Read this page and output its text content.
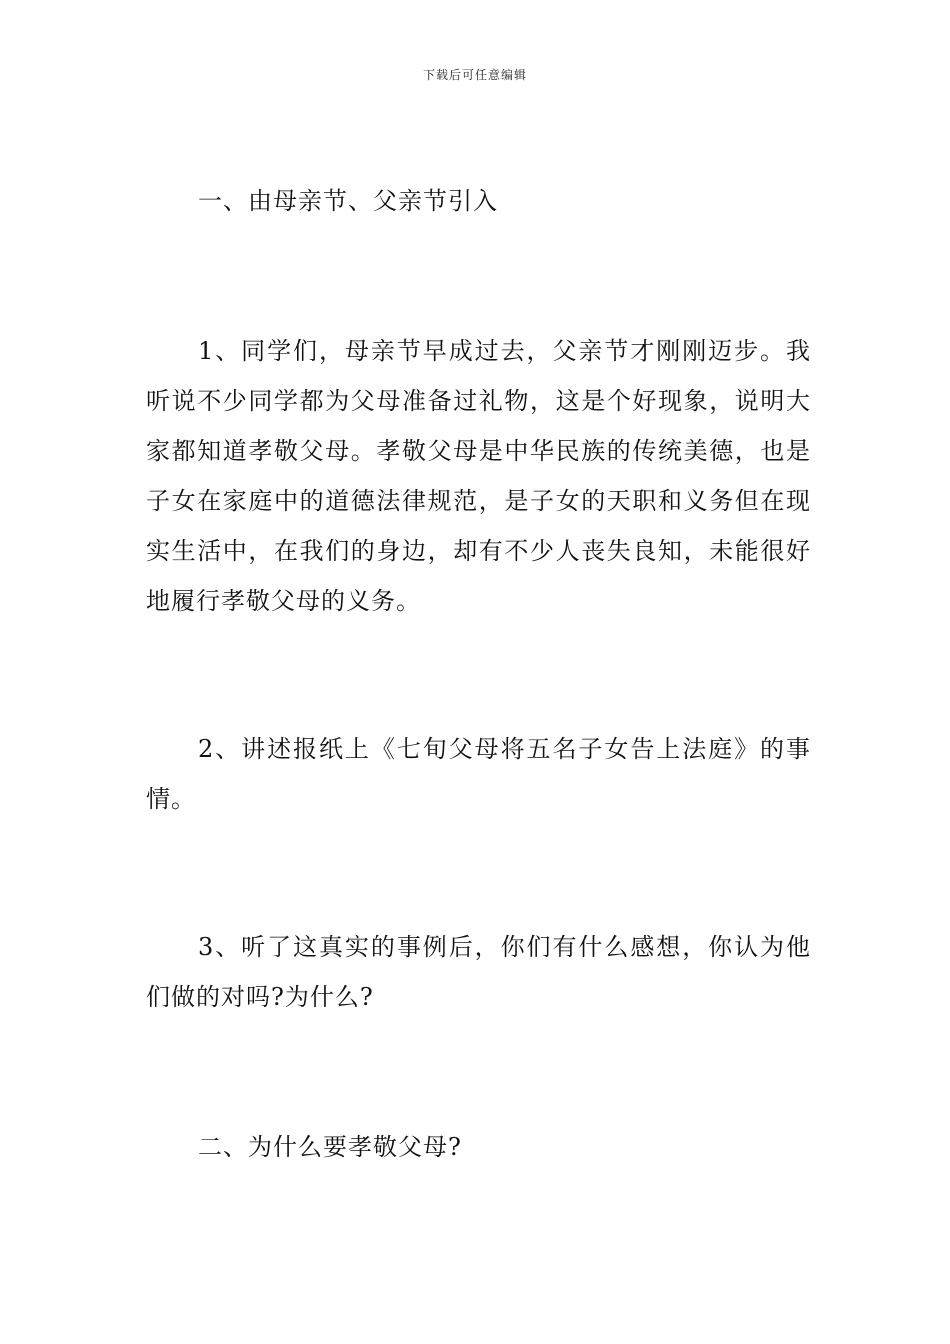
下载后可任意编辑

一、由母亲节、父亲节引入

1、同学们，母亲节早成过去，父亲节才刚刚迈步。我听说不少同学都为父母准备过礼物，这是个好现象，说明大家都知道孝敬父母。孝敬父母是中华民族的传统美德，也是子女在家庭中的道德法律规范，是子女的天职和义务但在现实生活中，在我们的身边，却有不少人丧失良知，未能很好地履行孝敬父母的义务。

2、讲述报纸上《七旬父母将五名子女告上法庭》的事情。

3、听了这真实的事例后，你们有什么感想，你认为他们做的对吗?为什么?

二、为什么要孝敬父母?
